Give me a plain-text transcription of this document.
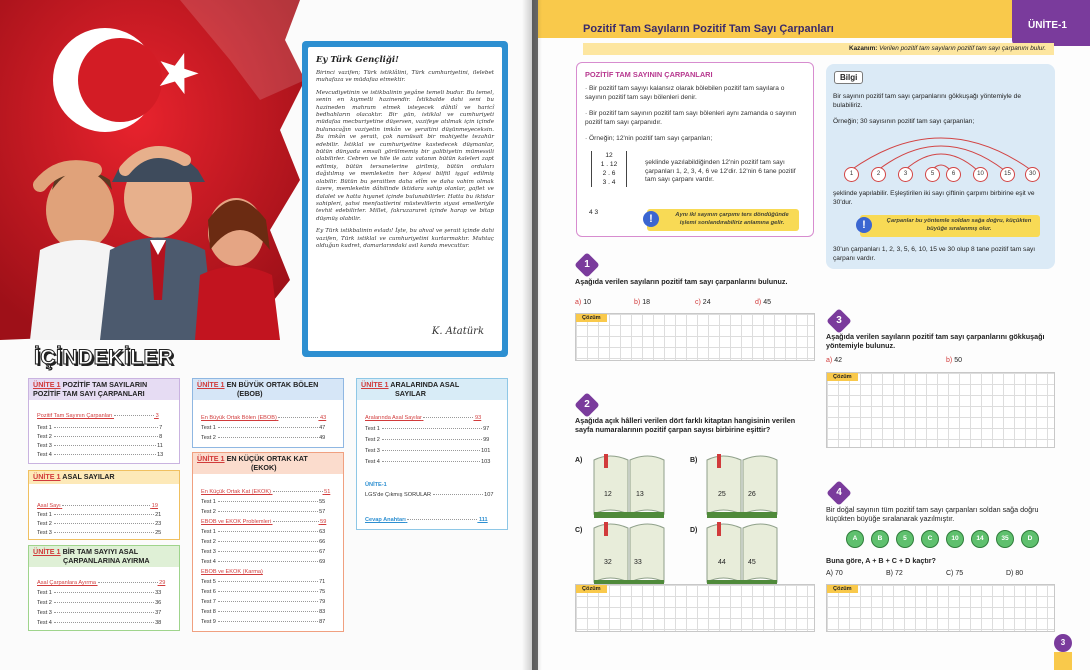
Ey Türk Gençliği!
Birinci vazifen; Türk istiklâlini, Türk cumhuriyetini, ilelebet muhafaza ve müdafaa etmektir.
Mevcudiyetinin ve istikbalinin yegâne temeli budur. Bu temel, senin en kıymetli hazinendir. İstikbalde dahi seni bu hazineden mahrum etmek isteyecek dâhilî ve haricî bedhahların olacaktır. Bir gün, istiklal ve cumhuriyeti müdafaa mecburiyetine düşersen, vazifeye atılmak için içinde bulunacağın vaziyetin imkân ve şeraitini düşünmeyeceksin. Bu imkân ve şerait, çok namüsait bir mahiyette tezahür edebilir. İstiklal ve cumhuriyetine kastedecek düşmanlar, bütün dünyada emsali görülmemiş bir galibiyetin mümessili olabilirler. Cebren ve hile ile aziz vatanın bütün kaleleri zapt edilmiş, bütün tersanelerine girilmiş, bütün orduları dağıtılmış ve memleketin her köşesi bilfiil işgal edilmiş olabilir. Bütün bu şeraitten daha elîm ve daha vahim olmak üzere, memleketin dâhilinde iktidara sahip olanlar, gaflet ve dalalet ve hatta hıyanet içinde bulunabilirler. Hatta bu iktidar sahipleri, şahsi menfaatlerini müstevlilerin siyasi emelleriyle tevhit edebilirler. Millet, fakruzaruret içinde harap ve bitap düşmüş olabilir.
Ey Türk istikbalinin evladı! İşte, bu ahval ve şerait içinde dahi vazifen, Türk istiklal ve cumhuriyetini kurtarmaktır. Muhtaç olduğun kudret, damarlarındaki asil kanda mevcuttur.
K. Atatürk
İÇİNDEKİLER
ÜNİTE 1 POZİTİF TAM SAYILARIN
POZİTİF TAM SAYI ÇARPANLARI
Pozitif Tam Sayının Çarpanları	3
Test 1	7
Test 2	8
Test 3	11
Test 4	13
ÜNİTE 1 ASAL SAYILAR
Asal Sayı	19
Test 1	21
Test 2	23
Test 3	25
ÜNİTE 1 BİR TAM SAYIYI ASAL
ÇARPANLARINA AYIRMA
Asal Çarpanlara Ayırma	29
Test 1	33
Test 2	36
Test 3	37
Test 4	38
ÜNİTE 1 EN BÜYÜK ORTAK BÖLEN
(EBOB)
En Büyük Ortak Bölen (EBOB)	43
Test 1	47
Test 2	49
ÜNİTE 1 EN KÜÇÜK ORTAK KAT
(EKOK)
En Küçük Ortak Kat (EKOK)	51
Test 1	55
Test 2	57
EBOB ve EKOK Problemleri	59
Test 1	63
Test 2	66
Test 3	67
Test 4	69
EBOB ve EKOK (Karma)
Test 5	71
Test 6	75
Test 7	79
Test 8	83
Test 9	87
ÜNİTE 1 ARALARINDA ASAL
SAYILAR
Aralarında Asal Sayılar	93
Test 1	97
Test 2	99
Test 3	101
Test 4	103
ÜNİTE-1
LGS'de Çıkmış SORULAR	107
Cevap Anahtarı	111
Pozitif Tam Sayıların Pozitif Tam Sayı Çarpanları	ÜNİTE-1
Kazanım: Verilen pozitif tam sayıların pozitif tam sayı çarpanını bulur.
POZİTİF TAM SAYININ ÇARPANLARI
· Bir pozitif tam sayıyı kalansız olarak bölebilen pozitif tam sayılara o sayının pozitif tam sayı bölenleri denir.
· Bir pozitif tam sayının pozitif tam sayı bölenleri aynı zamanda o sayının pozitif tam sayı çarpanıdır.
· Örneğin; 12'nin pozitif tam sayı çarpanları;
12
1 . 12
2 . 6
3 . 4
4 3
şeklinde yazılabildiğinden 12'nin pozitif tam sayı çarpanları 1, 2, 3, 4, 6 ve 12'dir. 12'nin 6 tane pozitif tam sayı çarpanı vardır.
!	Aynı iki sayının çarpımı ters döndüğünde işlemi sonlandırabiliriz anlamına gelir.
Bilgi
Bir sayının pozitif tam sayı çarpanlarını gökkuşağı yöntemiyle de bulabiliriz.
Örneğin; 30 sayısının pozitif tam sayı çarpanları;
1	2	3	5	6	10	15	30
şeklinde yapılabilir. Eşleştirilen iki sayı çiftinin çarpımı birbirine eşit ve 30'dur.
!	Çarpanlar bu yöntemle soldan sağa doğru, küçükten büyüğe sıralanmış olur.
30'un çarpanları 1, 2, 3, 5, 6, 10, 15 ve 30 olup 8 tane pozitif tam sayı çarpanı vardır.
1
Aşağıda verilen sayıların pozitif tam sayı çarpanlarını bulunuz.
a) 10	b) 18	c) 24	d) 45
Çözüm
2
Aşağıda açık hâlleri verilen dört farklı kitaptan hangisinin verilen sayfa numaralarının pozitif çarpan sayısı birbirine eşittir?
A)
12	13
B)
25	26
C)
32	33
D)
44	45
Çözüm
3
Aşağıda verilen sayıların pozitif tam sayı çarpanlarını gökkuşağı yöntemiyle bulunuz.
a) 42	b) 50
Çözüm
4
Bir doğal sayının tüm pozitif tam sayı çarpanları soldan sağa doğru küçükten büyüğe sıralanarak yazılmıştır.
A	B	5	C	10	14	35	D
Buna göre, A + B + C + D kaçtır?
A) 70	B) 72	C) 75	D) 80
Çözüm
3
